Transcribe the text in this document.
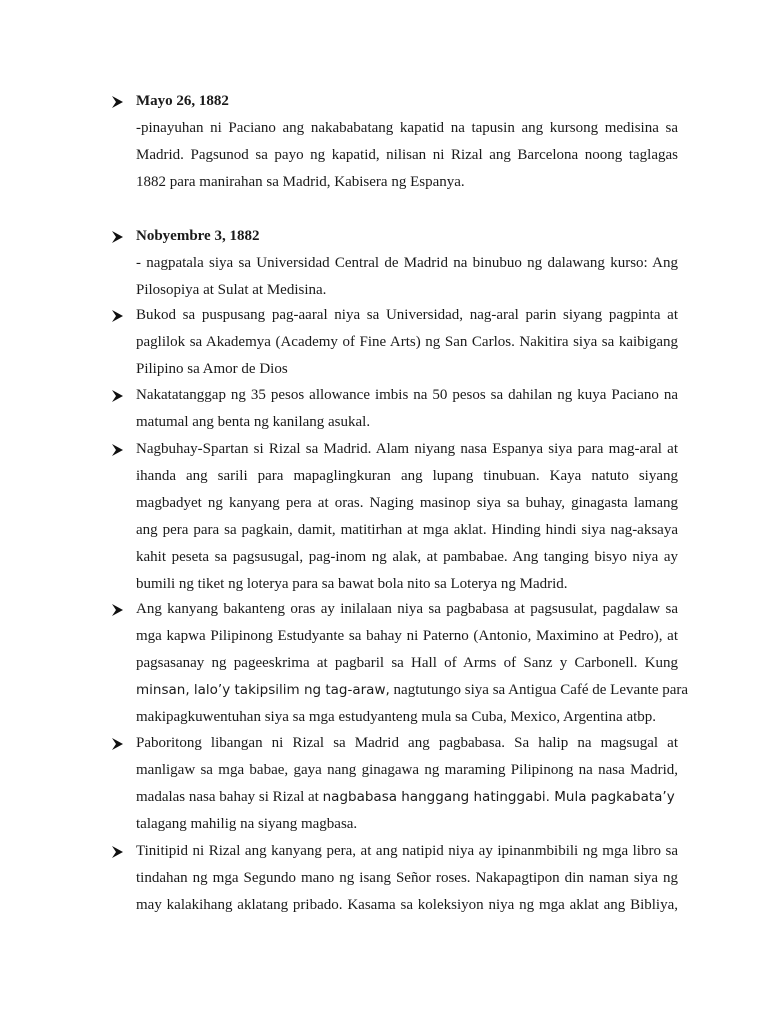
Mayo 26, 1882
-pinayuhan ni Paciano ang nakababatang kapatid na tapusin ang kursong medisina sa
Madrid. Pagsunod sa payo ng kapatid, nilisan ni Rizal ang Barcelona noong taglagas
1882 para manirahan sa Madrid, Kabisera ng Espanya.
Nobyembre 3, 1882
- nagpatala siya sa Universidad Central de Madrid na binubuo ng dalawang kurso: Ang
Pilosopiya at Sulat at Medisina.
Bukod sa puspusang pag-aaral niya sa Universidad, nag-aral parin siyang pagpinta at
paglilok sa Akademya (Academy of Fine Arts) ng San Carlos. Nakitira siya sa kaibigang
Pilipino sa Amor de Dios
Nakatatanggap ng 35 pesos allowance imbis na 50 pesos sa dahilan ng kuya Paciano na
matumal ang benta ng kanilang asukal.
Nagbuhay-Spartan si Rizal sa Madrid. Alam niyang nasa Espanya siya para mag-aral at
ihanda ang sarili para mapaglingkuran ang lupang tinubuan. Kaya natuto siyang
magbadyet ng kanyang pera at oras. Naging masinop siya sa buhay, ginagasta lamang
ang pera para sa pagkain, damit, matitirhan at mga aklat. Hinding hindi siya nag-aksaya
kahit peseta sa pagsusugal, pag-inom ng alak, at pambabae. Ang tanging bisyo niya ay
bumili ng tiket ng loterya para sa bawat bola nito sa Loterya ng Madrid.
Ang kanyang bakanteng oras ay inilalaan niya sa pagbabasa at pagsusulat, pagdalaw sa
mga kapwa Pilipinong Estudyante sa bahay ni Paterno (Antonio, Maximino at Pedro), at
pagsasanay ng pageeskrima at pagbaril sa Hall of Arms of Sanz y Carbonell. Kung
minsan, lalo’y takipsilim ng tag-araw, nagtutungo siya sa Antigua Café de Levante para
makipagkuwentuhan siya sa mga estudyanteng mula sa Cuba, Mexico, Argentina atbp.
Paboritong libangan ni Rizal sa Madrid ang pagbabasa. Sa halip na magsugal at
manligaw sa mga babae, gaya nang ginagawa ng maraming Pilipinong na nasa Madrid,
madalas nasa bahay si Rizal at nagbabasa hanggang hatinggabi. Mula pagkabata’y
talagang mahilig na siyang magbasa.
Tinitipid ni Rizal ang kanyang pera, at ang natipid niya ay ipinanmbibili ng mga libro sa
tindahan ng mga Segundo mano ng isang Señor roses. Nakapagtipon din naman siya ng
may kalakihang aklatang pribado. Kasama sa koleksiyon niya ng mga aklat ang Bibliya,
